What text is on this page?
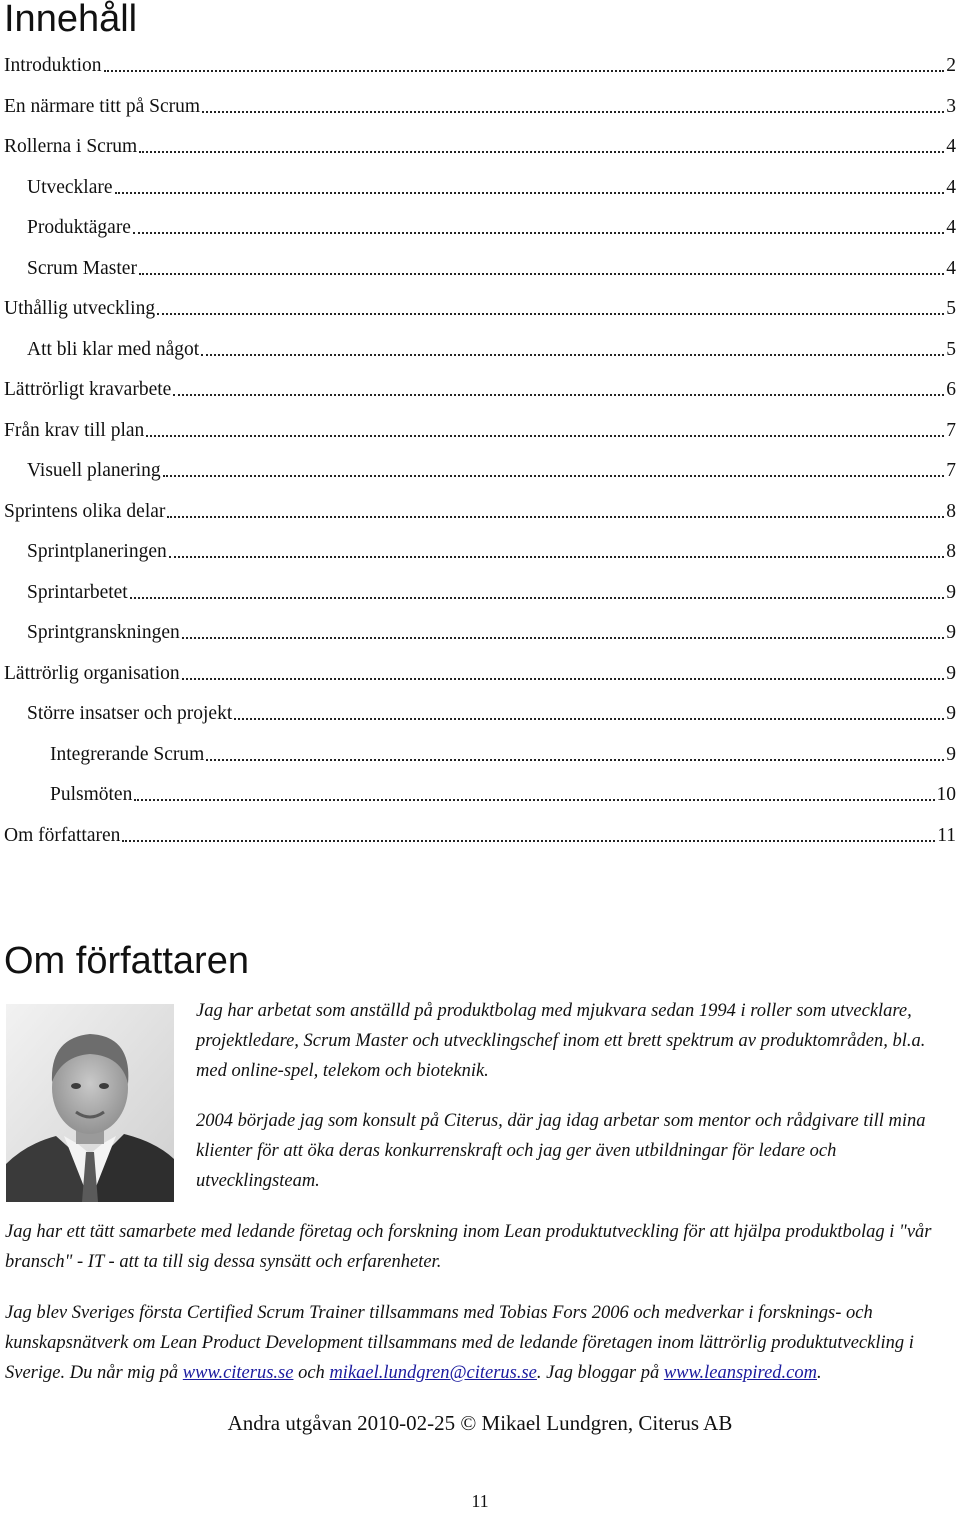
Innehåll
Introduktion	2
En närmare titt på Scrum	3
Rollerna i Scrum	4
Utvecklare	4
Produktägare	4
Scrum Master	4
Uthållig utveckling	5
Att bli klar med något	5
Lättrörligt kravarbete	6
Från krav till plan	7
Visuell planering	7
Sprintens olika delar	8
Sprintplaneringen	8
Sprintarbetet	9
Sprintgranskningen	9
Lättrörlig organisation	9
Större insatser och projekt	9
Integrerande Scrum	9
Pulsmöten	10
Om författaren	11
Om författaren

Jag har arbetat som anställd på produktbolag med mjukvara sedan 1994 i roller som utvecklare, projektledare, Scrum Master och utvecklingschef inom ett brett spektrum av produktområden, bl.a. med online-spel, telekom och bioteknik.

2004 började jag som konsult på Citerus, där jag idag arbetar som mentor och rådgivare till mina klienter för att öka deras konkurrenskraft och jag ger även utbildningar för ledare och utvecklingsteam.

Jag har ett tätt samarbete med ledande företag och forskning inom Lean produktutveckling för att hjälpa produktbolag i "vår bransch" - IT - att ta till sig dessa synsätt och erfarenheter.

Jag blev Sveriges första Certified Scrum Trainer tillsammans med Tobias Fors 2006 och medverkar i forsknings- och kunskapsnätverk om Lean Product Development tillsammans med de ledande företagen inom lättrörlig produktutveckling i Sverige. Du når mig på www.citerus.se och mikael.lundgren@citerus.se. Jag bloggar på www.leanspired.com.

Andra utgåvan 2010-02-25 © Mikael Lundgren, Citerus AB
11
